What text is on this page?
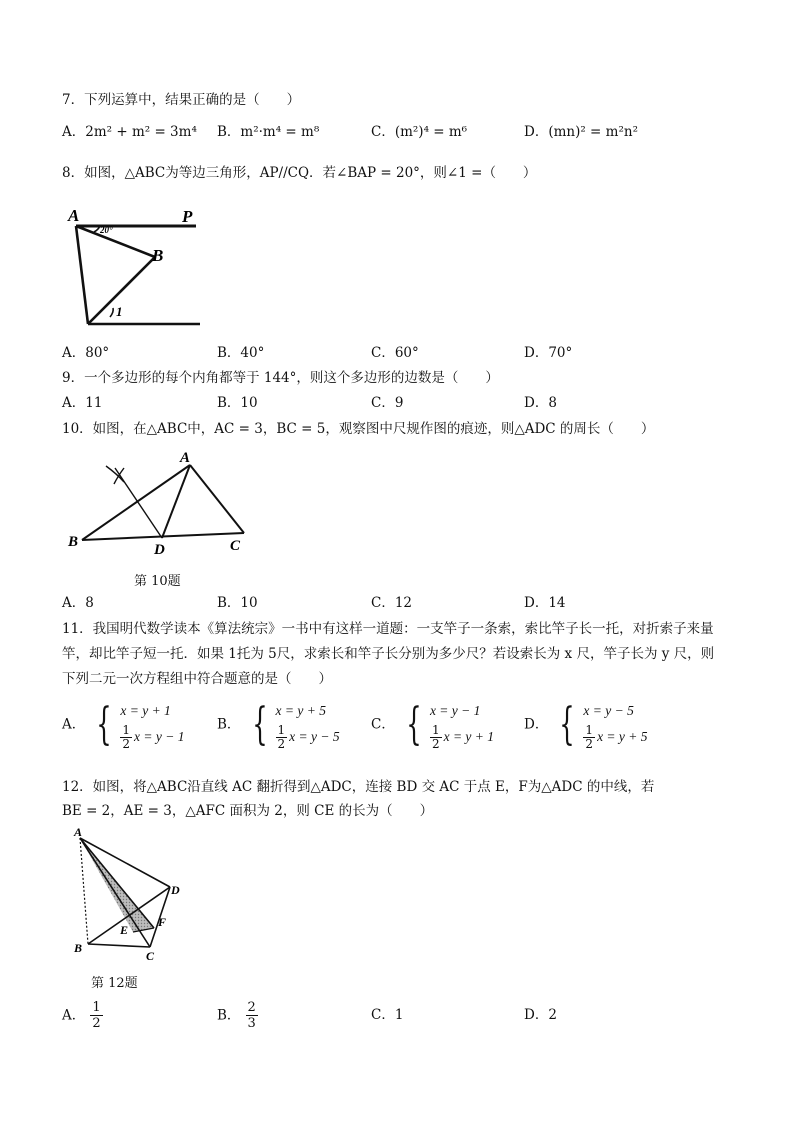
7．下列运算中，结果正确的是（　　）
A．2m² + m² = 3m⁴ B．m²·m⁴ = m⁸	C．(m²)⁴ = m⁶	D．(mn)² = m²n²
8．如图，△ABC为等边三角形，AP//CQ．若∠BAP = 20°，则∠1 =（　　）
A	P
B
20°
1
A．80°	B．40°	C．60°	D．70°
9．一个多边形的每个内角都等于 144°，则这个多边形的边数是（　　）
A．11	B．10	C．9	D．8
10．如图，在△ABC中，AC = 3，BC = 5，观察图中尺规作图的痕迹，则△ADC 的周长（　　）
A
B	D	C
第 10题
A．8	B．10	C．12	D．14
11．我国明代数学读本《算法统宗》一书中有这样一道题：一支竿子一条索，索比竿子长一托，对折索子来量
竿，却比竿子短一托．如果 1托为 5尺，求索长和竿子长分别为多少尺？若设索长为 x 尺，竿子长为 y 尺，则
下列二元一次方程组中符合题意的是（　　）
A． { x = y + 1
$\frac{1}{2}$ x = y − 1
B． { x = y + 5
$\frac{1}{2}$ x = y − 5
C． { x = y − 1
$\frac{1}{2}$ x = y + 1
D． { x = y − 5
$\frac{1}{2}$ x = y + 5
12．如图，将△ABC沿直线 AC 翻折得到△ADC，连接 BD 交 AC 于点 E，F为△ADC 的中线，若
BE = 2，AE = 3，△AFC 面积为 2，则 CE 的长为（　　）
A
D
F
E
B
C
第 12题
A． $\frac{1}{2}$	B． $\frac{2}{3}$	C．1	D．2
